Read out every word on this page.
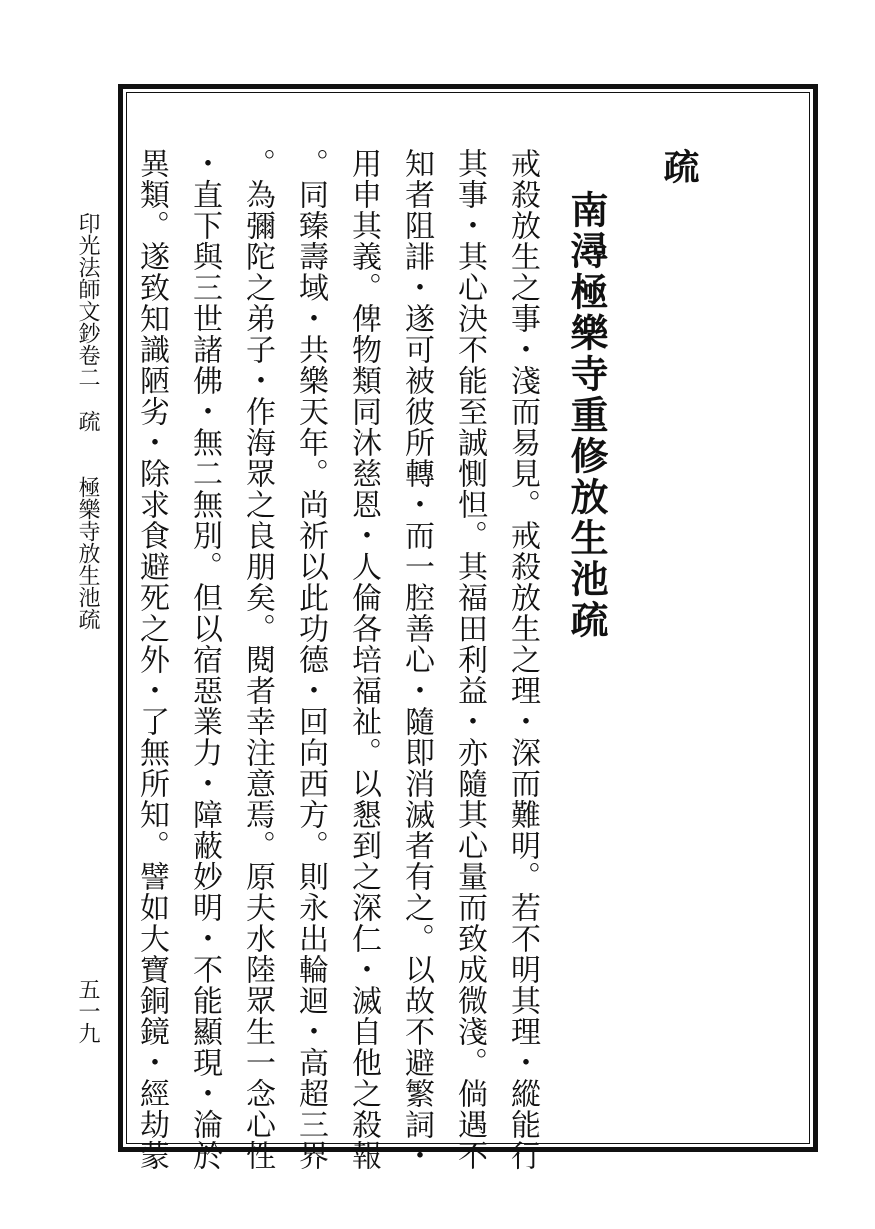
疏
南潯極樂寺重修放生池疏
戒殺放生之事・淺而易見。戒殺放生之理・深而難明。若不明其理・縱能行
其事・其心決不能至誠惻怛。其福田利益・亦隨其心量而致成微淺。倘遇不
知者阻誹・遂可被彼所轉・而一腔善心・隨即消滅者有之。以故不避繁詞・
用申其義。俾物類同沐慈恩・人倫各培福祉。以懇到之深仁・滅自他之殺報
。同臻壽域・共樂天年。尚祈以此功德・回向西方。則永出輪迴・高超三界
。為彌陀之弟子・作海眾之良朋矣。閱者幸注意焉。原夫水陸眾生一念心性
・直下與三世諸佛・無二無別。但以宿惡業力・障蔽妙明・不能顯現・淪於
異類。遂致知識陋劣・除求食避死之外・了無所知。譬如大寶銅鏡・經劫蒙
印光法師文鈔卷二　疏　　極樂寺放生池疏
五一九
